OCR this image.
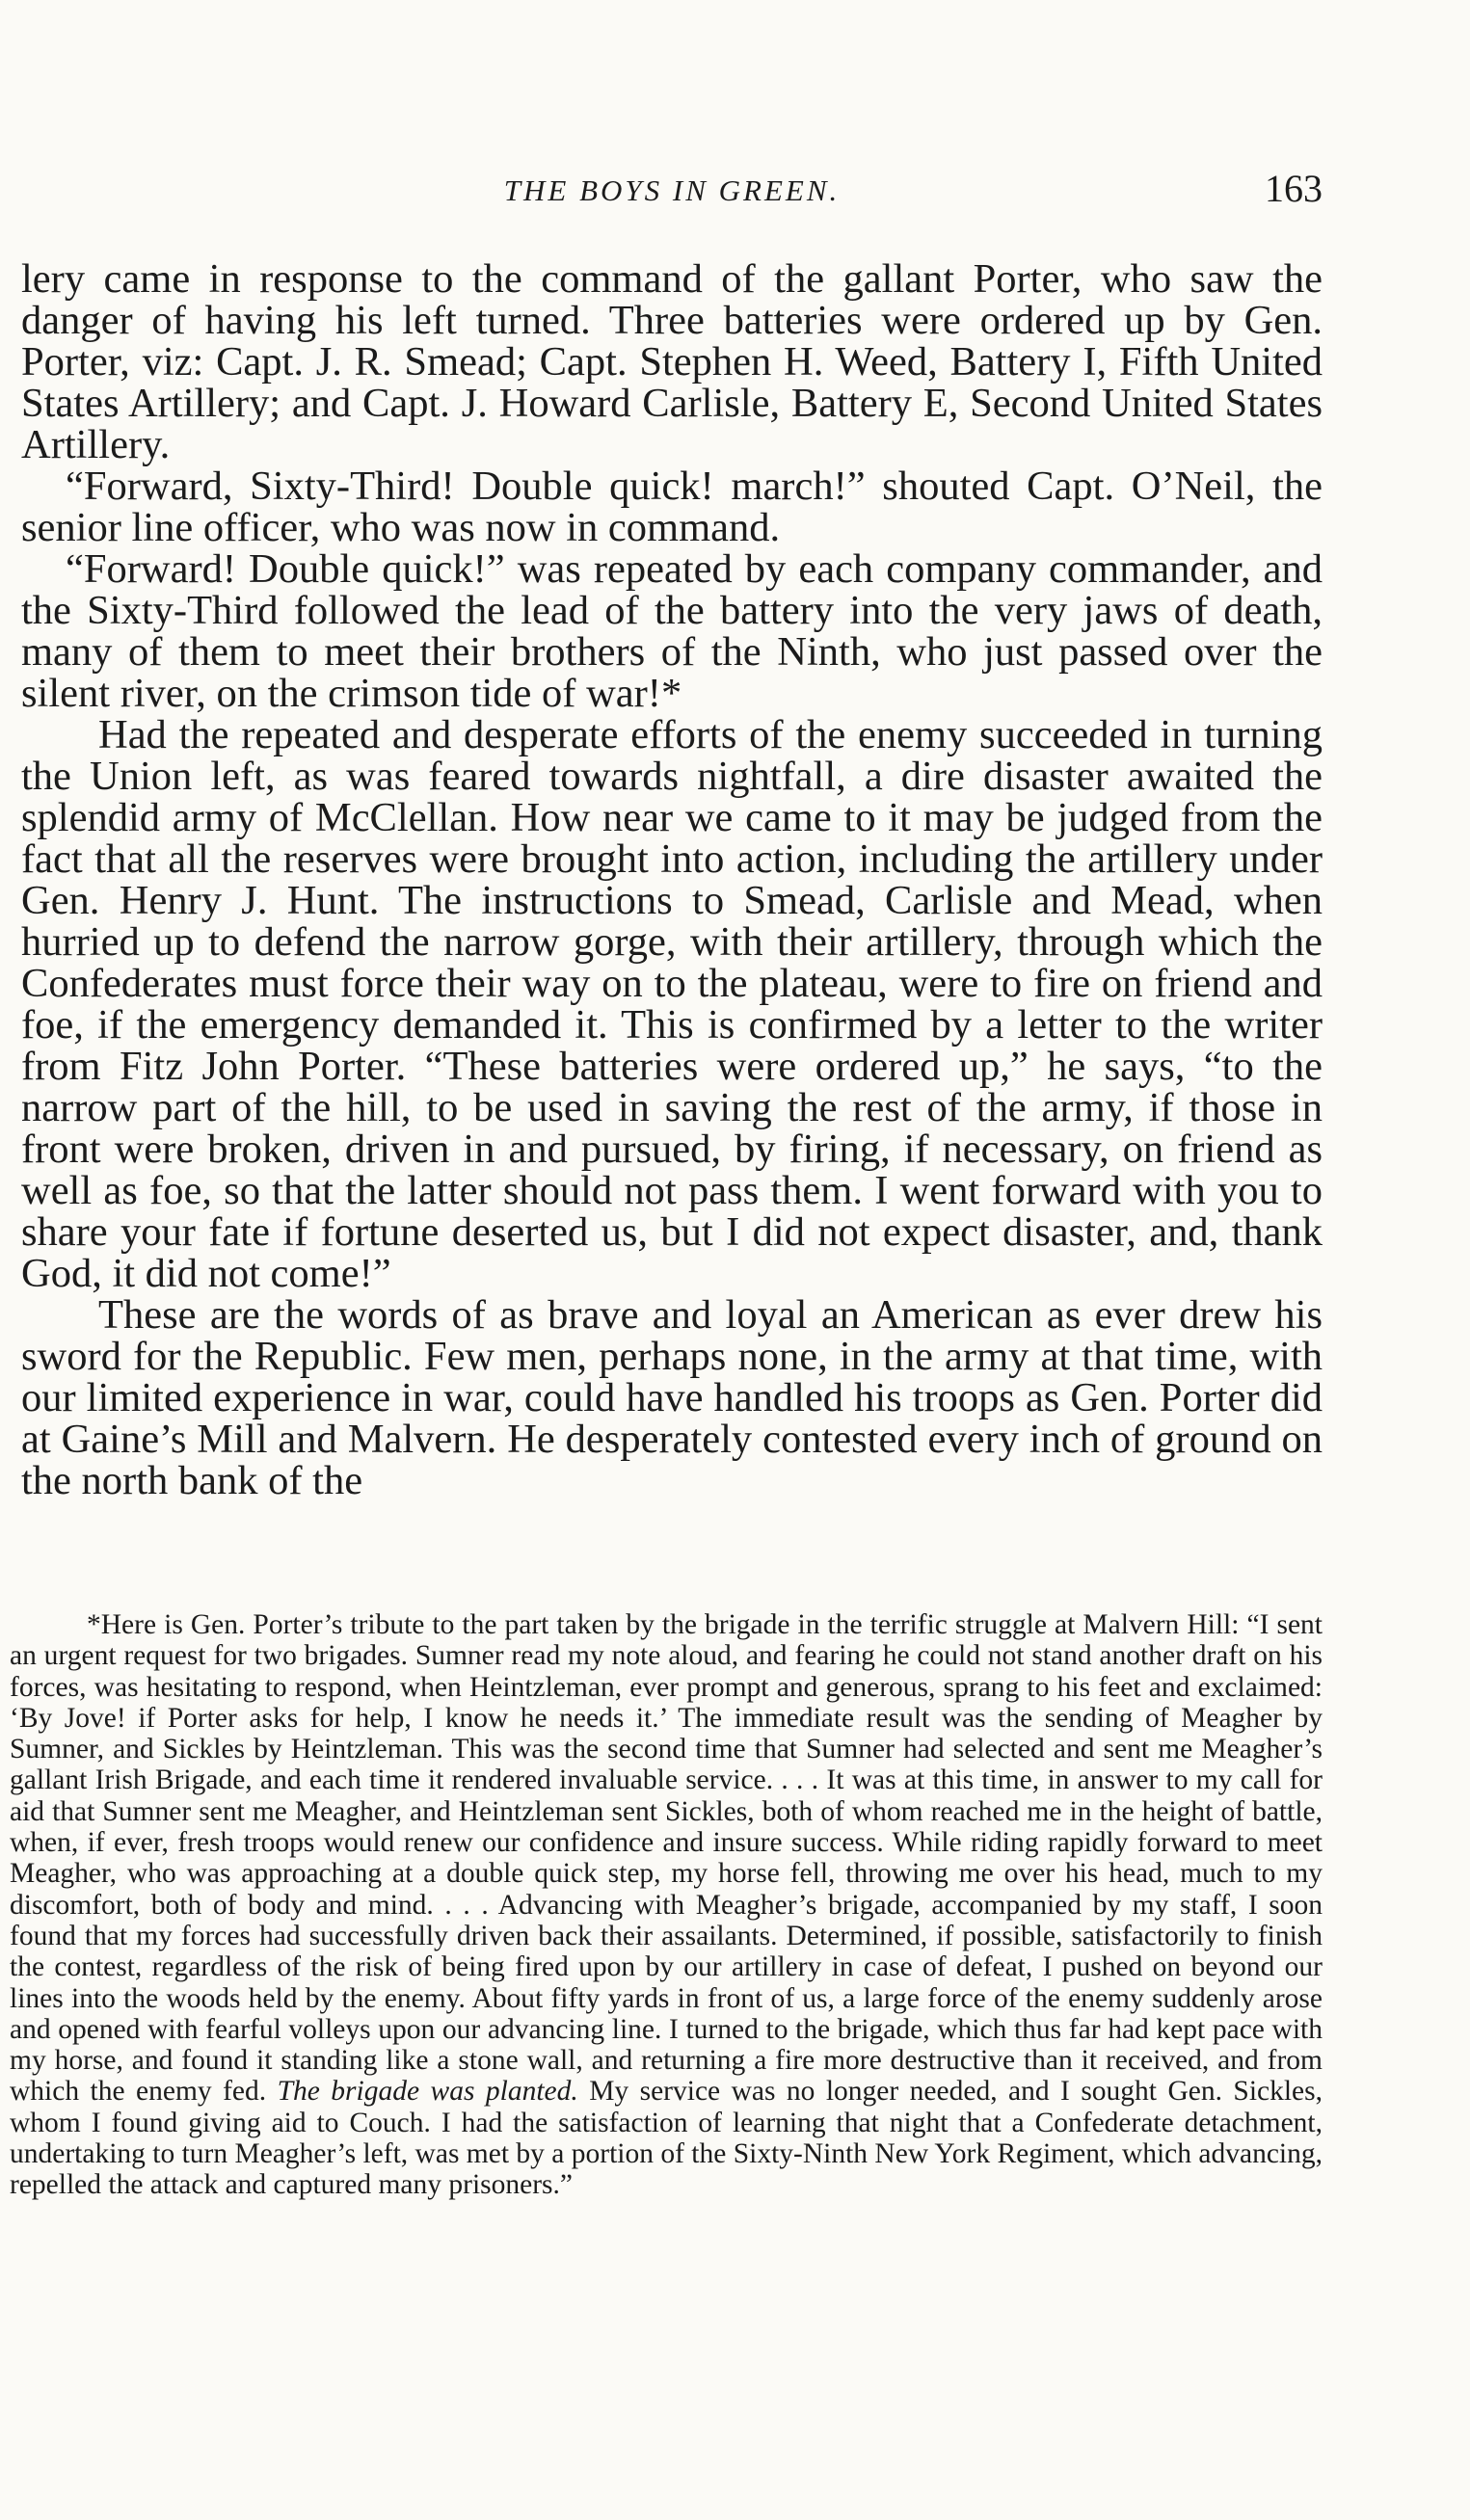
THE BOYS IN GREEN.	163

lery came in response to the command of the gallant Porter, who saw the danger of having his left turned. Three batteries were ordered up by Gen. Porter, viz: Capt. J. R. Smead; Capt. Stephen H. Weed, Battery I, Fifth United States Artillery; and Capt. J. Howard Carlisle, Battery E, Second United States Artillery.

“Forward, Sixty-Third! Double quick! march!” shouted Capt. O’Neil, the senior line officer, who was now in command.

“Forward! Double quick!” was repeated by each company commander, and the Sixty-Third followed the lead of the battery into the very jaws of death, many of them to meet their brothers of the Ninth, who just passed over the silent river, on the crimson tide of war!*

Had the repeated and desperate efforts of the enemy succeeded in turning the Union left, as was feared towards nightfall, a dire disaster awaited the splendid army of McClellan. How near we came to it may be judged from the fact that all the reserves were brought into action, including the artillery under Gen. Henry J. Hunt. The instructions to Smead, Carlisle and Mead, when hurried up to defend the narrow gorge, with their artillery, through which the Confederates must force their way on to the plateau, were to fire on friend and foe, if the emergency demanded it. This is confirmed by a letter to the writer from Fitz John Porter. “These batteries were ordered up,” he says, “to the narrow part of the hill, to be used in saving the rest of the army, if those in front were broken, driven in and pursued, by firing, if necessary, on friend as well as foe, so that the latter should not pass them. I went forward with you to share your fate if fortune deserted us, but I did not expect disaster, and, thank God, it did not come!”

These are the words of as brave and loyal an American as ever drew his sword for the Republic. Few men, perhaps none, in the army at that time, with our limited experience in war, could have handled his troops as Gen. Porter did at Gaine’s Mill and Malvern. He desperately contested every inch of ground on the north bank of the

*Here is Gen. Porter’s tribute to the part taken by the brigade in the terrific struggle at Malvern Hill: “I sent an urgent request for two brigades. Sumner read my note aloud, and fearing he could not stand another draft on his forces, was hesitating to respond, when Heintzleman, ever prompt and generous, sprang to his feet and exclaimed: ‘By Jove! if Porter asks for help, I know he needs it.’ The immediate result was the sending of Meagher by Sumner, and Sickles by Heintzleman. This was the second time that Sumner had selected and sent me Meagher’s gallant Irish Brigade, and each time it rendered invaluable service. . . . It was at this time, in answer to my call for aid that Sumner sent me Meagher, and Heintzleman sent Sickles, both of whom reached me in the height of battle, when, if ever, fresh troops would renew our confidence and insure success. While riding rapidly forward to meet Meagher, who was approaching at a double quick step, my horse fell, throwing me over his head, much to my discomfort, both of body and mind. . . . Advancing with Meagher’s brigade, accompanied by my staff, I soon found that my forces had successfully driven back their assailants. Determined, if possible, satisfactorily to finish the contest, regardless of the risk of being fired upon by our artillery in case of defeat, I pushed on beyond our lines into the woods held by the enemy. About fifty yards in front of us, a large force of the enemy suddenly arose and opened with fearful volleys upon our advancing line. I turned to the brigade, which thus far had kept pace with my horse, and found it standing like a stone wall, and returning a fire more destructive than it received, and from which the enemy fed. The brigade was planted. My service was no longer needed, and I sought Gen. Sickles, whom I found giving aid to Couch. I had the satisfaction of learning that night that a Confederate detachment, undertaking to turn Meagher’s left, was met by a portion of the Sixty-Ninth New York Regiment, which advancing, repelled the attack and captured many prisoners.”
